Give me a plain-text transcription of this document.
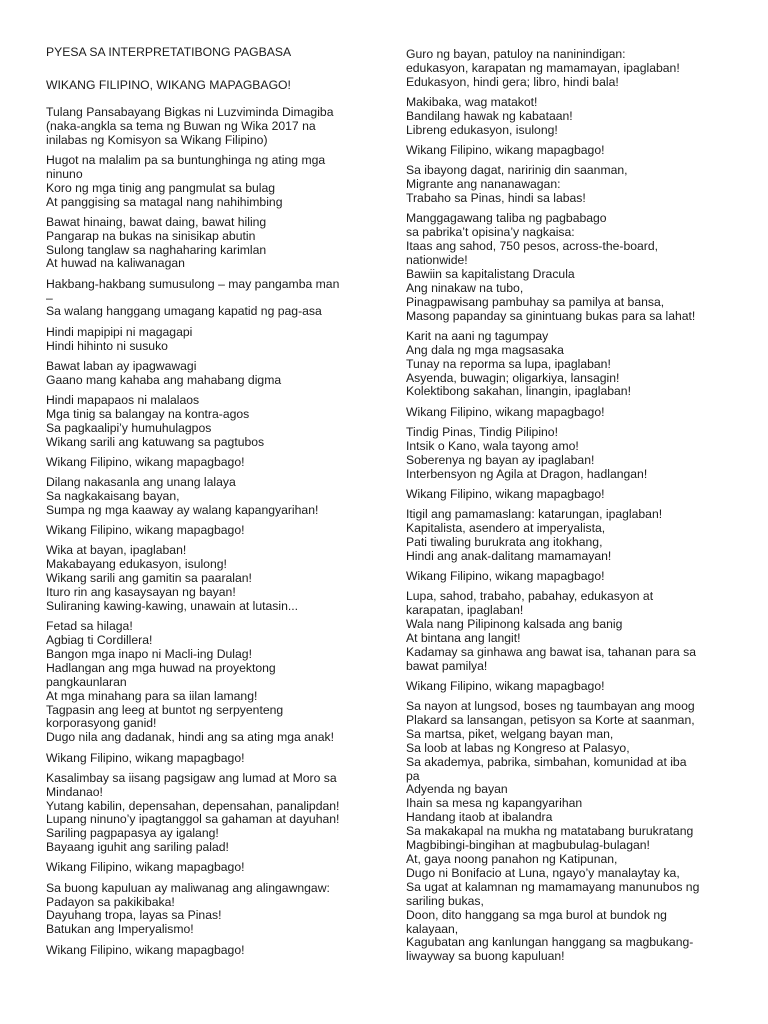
PYESA SA INTERPRETATIBONG PAGBASA
WIKANG FILIPINO, WIKANG MAPAGBAGO!
Tulang Pansabayang Bigkas ni Luzviminda Dimagiba
(naka-angkla sa tema ng Buwan ng Wika 2017 na
inilabas ng Komisyon sa Wikang Filipino)
Hugot na malalim pa sa buntunghinga ng ating mga
ninuno
Koro ng mga tinig ang pangmulat sa bulag
At panggising sa matagal nang nahihimbing
Bawat hinaing, bawat daing, bawat hiling
Pangarap na bukas na sinisikap abutin
Sulong tanglaw sa naghaharing karimlan
At huwad na kaliwanagan
Hakbang-hakbang sumusulong – may pangamba man
–
Sa walang hanggang umagang kapatid ng pag-asa
Hindi mapipipi ni magagapi
Hindi hihinto ni susuko
Bawat laban ay ipagwawagi
Gaano mang kahaba ang mahabang digma
Hindi mapapaos ni malalaos
Mga tinig sa balangay na kontra-agos
Sa pagkaalipi’y humuhulagpos
Wikang sarili ang katuwang sa pagtubos
Wikang Filipino, wikang mapagbago!
Dilang nakasanla ang unang lalaya
Sa nagkakaisang bayan,
Sumpa ng mga kaaway ay walang kapangyarihan!
Wikang Filipino, wikang mapagbago!
Wika at bayan, ipaglaban!
Makabayang edukasyon, isulong!
Wikang sarili ang gamitin sa paaralan!
Ituro rin ang kasaysayan ng bayan!
Suliraning kawing-kawing, unawain at lutasin...
Fetad sa hilaga!
Agbiag ti Cordillera!
Bangon mga inapo ni Macli-ing Dulag!
Hadlangan ang mga huwad na proyektong
pangkaunlaran
At mga minahang para sa iilan lamang!
Tagpasin ang leeg at buntot ng serpyenteng
korporasyong ganid!
Dugo nila ang dadanak, hindi ang sa ating mga anak!
Wikang Filipino, wikang mapagbago!
Kasalimbay sa iisang pagsigaw ang lumad at Moro sa
Mindanao!
Yutang kabilin, depensahan, depensahan, panalipdan!
Lupang ninuno’y ipagtanggol sa gahaman at dayuhan!
Sariling pagpapasya ay igalang!
Bayaang iguhit ang sariling palad!
Wikang Filipino, wikang mapagbago!
Sa buong kapuluan ay maliwanag ang alingawngaw:
Padayon sa pakikibaka!
Dayuhang tropa, layas sa Pinas!
Batukan ang Imperyalismo!
Wikang Filipino, wikang mapagbago!
Guro ng bayan, patuloy na naninindigan:
edukasyon, karapatan ng mamamayan, ipaglaban!
Edukasyon, hindi gera; libro, hindi bala!
Makibaka, wag matakot!
Bandilang hawak ng kabataan!
Libreng edukasyon, isulong!
Wikang Filipino, wikang mapagbago!
Sa ibayong dagat, naririnig din saanman,
Migrante ang nananawagan:
Trabaho sa Pinas, hindi sa labas!
Manggagawang taliba ng pagbabago
sa pabrika’t opisina’y nagkaisa:
Itaas ang sahod, 750 pesos, across-the-board,
nationwide!
Bawiin sa kapitalistang Dracula
Ang ninakaw na tubo,
Pinagpawisang pambuhay sa pamilya at bansa,
Masong papanday sa ginintuang bukas para sa lahat!
Karit na aani ng tagumpay
Ang dala ng mga magsasaka
Tunay na reporma sa lupa, ipaglaban!
Asyenda, buwagin; oligarkiya, lansagin!
Kolektibong sakahan, linangin, ipaglaban!
Wikang Filipino, wikang mapagbago!
Tindig Pinas, Tindig Pilipino!
Intsik o Kano, wala tayong amo!
Soberenya ng bayan ay ipaglaban!
Interbensyon ng Agila at Dragon, hadlangan!
Wikang Filipino, wikang mapagbago!
Itigil ang pamamaslang: katarungan, ipaglaban!
Kapitalista, asendero at imperyalista,
Pati tiwaling burukrata ang itokhang,
Hindi ang anak-dalitang mamamayan!
Wikang Filipino, wikang mapagbago!
Lupa, sahod, trabaho, pabahay, edukasyon at
karapatan, ipaglaban!
Wala nang Pilipinong kalsada ang banig
At bintana ang langit!
Kadamay sa ginhawa ang bawat isa, tahanan para sa
bawat pamilya!
Wikang Filipino, wikang mapagbago!
Sa nayon at lungsod, boses ng taumbayan ang moog
Plakard sa lansangan, petisyon sa Korte at saanman,
Sa martsa, piket, welgang bayan man,
Sa loob at labas ng Kongreso at Palasyo,
Sa akademya, pabrika, simbahan, komunidad at iba
pa
Adyenda ng bayan
Ihain sa mesa ng kapangyarihan
Handang itaob at ibalandra
Sa makakapal na mukha ng matatabang burukratang
Magbibingi-bingihan at magbubulag-bulagan!
At, gaya noong panahon ng Katipunan,
Dugo ni Bonifacio at Luna, ngayo’y manalaytay ka,
Sa ugat at kalamnan ng mamamayang manunubos ng
sariling bukas,
Doon, dito hanggang sa mga burol at bundok ng
kalayaan,
Kagubatan ang kanlungan hanggang sa magbukang-
liwayway sa buong kapuluan!
